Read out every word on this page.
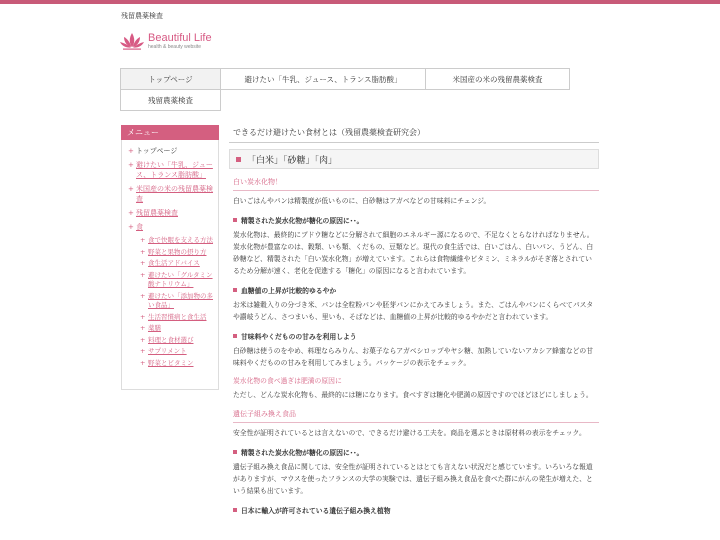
残留農薬検査
Beautiful Life
health & beauty website
トップページ	避けたい「牛乳、ジュース、トランス脂肪酸」	米国産の米の残留農薬検査
残留農薬検査
メニュー
+ トップページ
+ 避けたい「牛乳、ジュース、トランス脂肪酸」
+ 米国産の米の残留農薬検査
+ 残留農薬検査
+ 食
+ 食で快眠を支える方法
+ 野菜と果物の摂り方
+ 食生活アドバイス
+ 避けたい「グルタミン酸ナトリウム」
+ 避けたい「添加物の多い食品」
+ 生活習慣病と食生活
+ 薬膳
+ 料理と食材選び
+ サプリメント
+ 野菜とビタミン
できるだけ避けたい食材とは（残留農薬検査研究会）
「白米」「砂糖」「肉」
白い炭水化物！
白いごはんやパンは精製度が低いものに、白砂糖はアガベなどの甘味料にチェンジ。
精製された炭水化物が糖化の原因に･･。
炭水化物は、最終的にブドウ糖などに分解されて細胞のエネルギー源になるので、不足なくとらなければなりません。炭水化物が豊富なのは、穀類、いも類、くだもの、豆類など。現代の食生活では、白いごはん、白いパン、うどん、白砂糖など、精製された「白い炭水化物」が増えています。これらは食物繊維やビタミン、ミネラルがそぎ落とされているため分解が速く、老化を促進する「糖化」の原因になると言われています。
血糖値の上昇が比較的ゆるやか
お米は雑穀入りの分づき米、パンは全粒粉パンや胚芽パンにかえてみましょう。また、ごはんやパンにくらべてパスタや讃岐うどん、さつまいも、里いも、そばなどは、血糖値の上昇が比較的ゆるやかだと言われています。
甘味料やくだものの甘みを利用しよう
白砂糖は使うのをやめ、料理ならみりん、お菓子ならアガベシロップやヤシ糖、加熱していないアカシア蜂蜜などの甘味料やくだものの甘みを利用してみましょう。パッケージの表示をチェック。
炭水化物の食べ過ぎは肥満の原因に
ただし、どんな炭水化物も、最終的には糖になります。食べすぎは糖化や肥満の原因ですのでほどほどにしましょう。
遺伝子組み換え食品
安全性が証明されているとは言えないので、できるだけ避ける工夫を。商品を選ぶときは原材料の表示をチェック。
精製された炭水化物が糖化の原因に･･。
遺伝子組み換え食品に関しては、安全性が証明されているとはとても言えない状況だと感じています。いろいろな報道がありますが、マウスを使ったフランスの大学の実験では、遺伝子組み換え食品を食べた群にがんの発生が増えた、という結果も出ています。
日本に輸入が許可されている遺伝子組み換え植物
